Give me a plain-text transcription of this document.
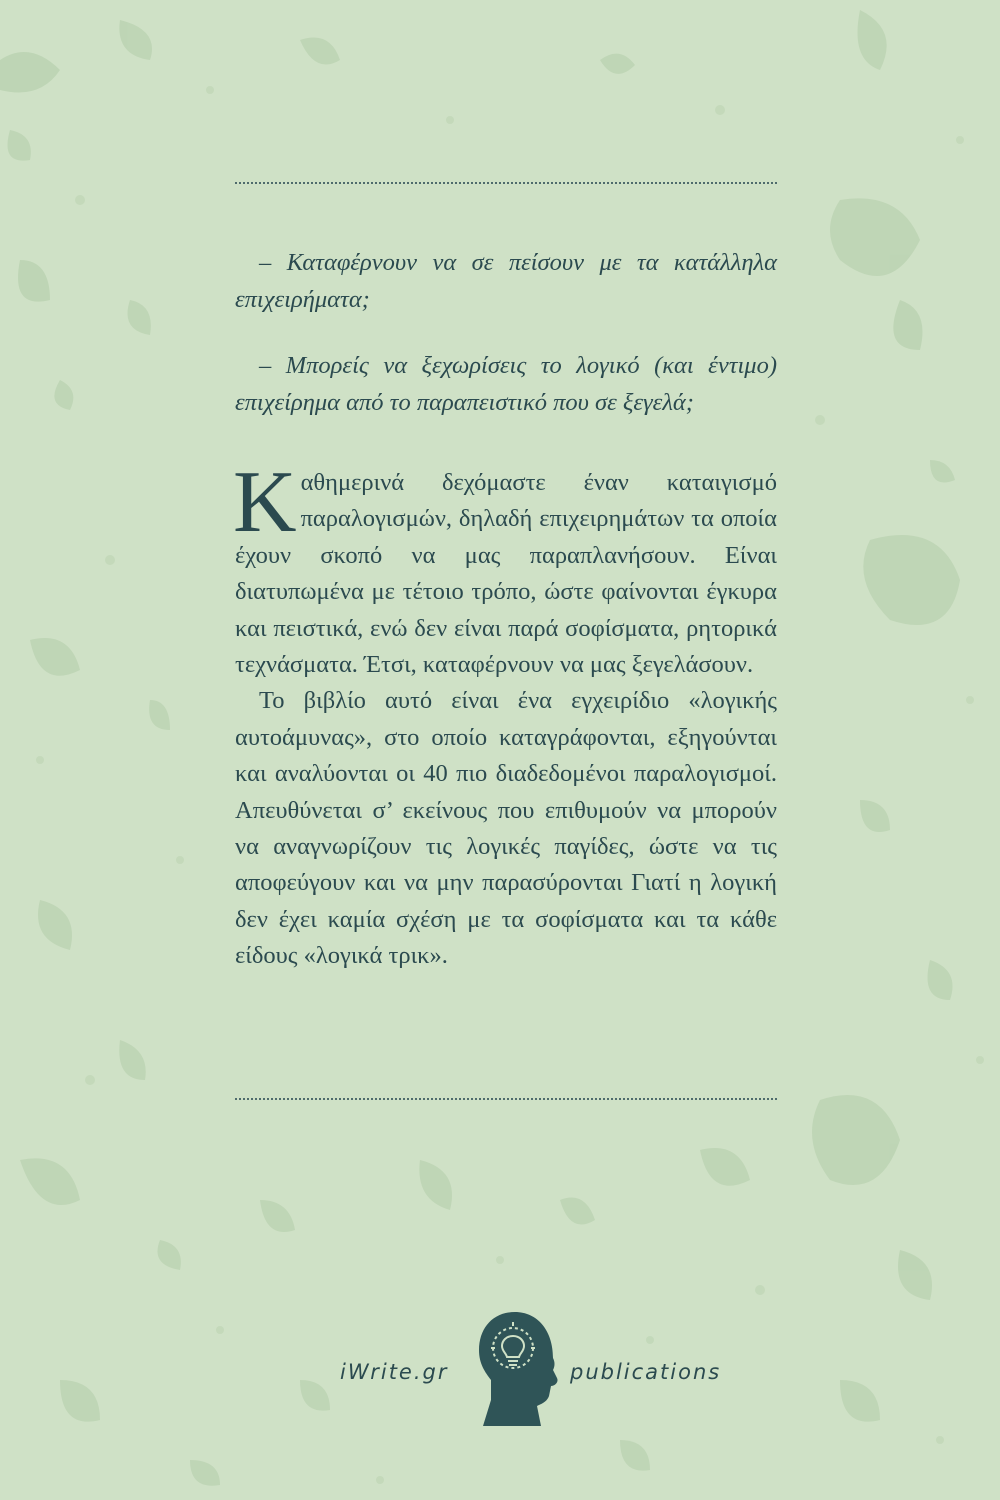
– Καταφέρνουν να σε πείσουν με τα κατάλληλα επιχειρήματα;

– Μπορείς να ξεχωρίσεις το λογικό (και έντιμο) επιχείρημα από το παραπειστικό που σε ξεγελά;

Καθημερινά δεχόμαστε έναν καταιγισμό παραλογισμών, δηλαδή επιχειρημάτων τα οποία έχουν σκοπό να μας παραπλανήσουν. Είναι διατυπωμένα με τέτοιο τρόπο, ώστε φαίνονται έγκυρα και πειστικά, ενώ δεν είναι παρά σοφίσματα, ρητορικά τεχνάσματα. Έτσι, καταφέρνουν να μας ξεγελάσουν.

Το βιβλίο αυτό είναι ένα εγχειρίδιο «λογικής αυτοάμυνας», στο οποίο καταγράφονται, εξηγούνται και αναλύονται οι 40 πιο διαδεδομένοι παραλογισμοί. Απευθύνεται σ’ εκείνους που επιθυμούν να μπορούν να αναγνωρίζουν τις λογικές παγίδες, ώστε να τις αποφεύγουν και να μην παρασύρονται Γιατί η λογική δεν έχει καμία σχέση με τα σοφίσματα και τα κάθε είδους «λογικά τρικ».

iWrite.gr	publications
